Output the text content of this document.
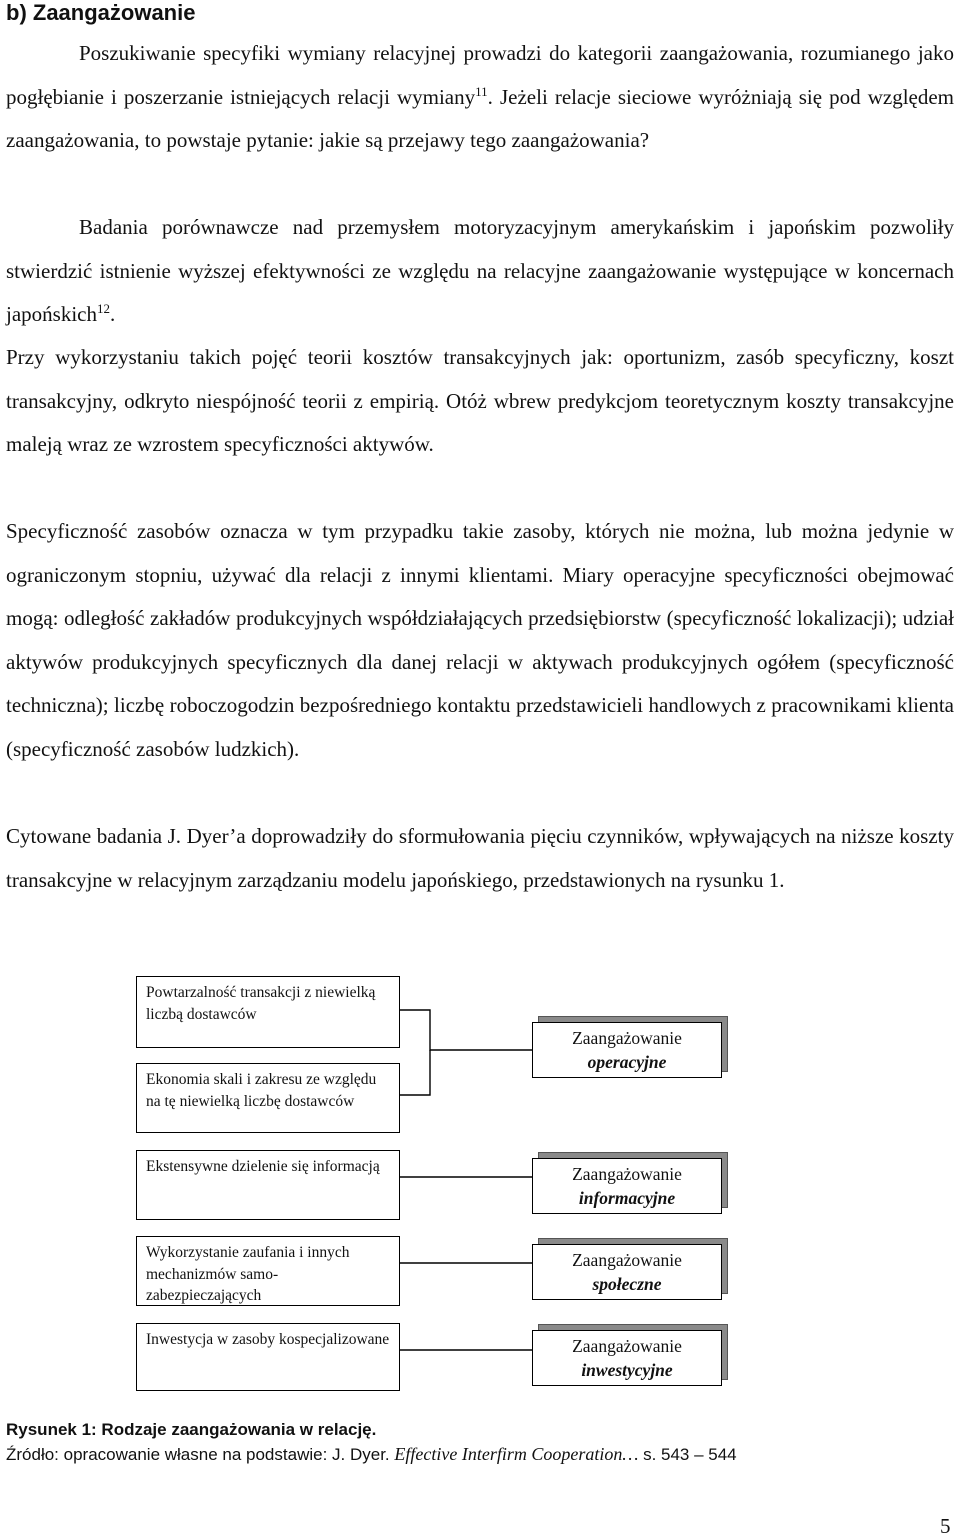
b) Zaangażowanie

Poszukiwanie specyfiki wymiany relacyjnej prowadzi do kategorii zaangażowania, rozumianego jako pogłębianie i poszerzanie istniejących relacji wymiany$^{11}$. Jeżeli relacje sieciowe wyróżniają się pod względem zaangażowania, to powstaje pytanie: jakie są przejawy tego zaangażowania?

Badania porównawcze nad przemysłem motoryzacyjnym amerykańskim i japońskim pozwoliły stwierdzić istnienie wyższej efektywności ze względu na relacyjne zaangażowanie występujące w koncernach japońskich$^{12}$.

Przy wykorzystaniu takich pojęć teorii kosztów transakcyjnych jak: oportunizm, zasób specyficzny, koszt transakcyjny, odkryto niespójność teorii z empirią. Otóż wbrew predykcjom teoretycznym koszty transakcyjne maleją wraz ze wzrostem specyficzności aktywów.

Specyficzność zasobów oznacza w tym przypadku takie zasoby, których nie można, lub można jedynie w ograniczonym stopniu, używać dla relacji z innymi klientami. Miary operacyjne specyficzności obejmować mogą: odległość zakładów produkcyjnych współdziałających przedsiębiorstw (specyficzność lokalizacji); udział aktywów produkcyjnych specyficznych dla danej relacji w aktywach produkcyjnych ogółem (specyficzność techniczna); liczbę roboczogodzin bezpośredniego kontaktu przedstawicieli handlowych z pracownikami klienta (specyficzność zasobów ludzkich).

Cytowane badania J. Dyer’a doprowadziły do sformułowania pięciu czynników, wpływających na niższe koszty transakcyjne w relacyjnym zarządzaniu modelu japońskiego, przedstawionych na rysunku 1.

Powtarzalność transakcji z niewielką liczbą dostawców
Ekonomia skali i zakresu ze względu na tę niewielką liczbę dostawców
Ekstensywne dzielenie się informacją
Wykorzystanie zaufania i innych mechanizmów samo-zabezpieczających
Inwestycja w zasoby kospecjalizowane
Zaangażowanie
operacyjne
Zaangażowanie
informacyjne
Zaangażowanie
społeczne
Zaangażowanie
inwestycyjne

Rysunek 1: Rodzaje zaangażowania w relację.

Źródło: opracowanie własne na podstawie: J. Dyer. Effective Interfirm Cooperation… s. 543 – 544

5
